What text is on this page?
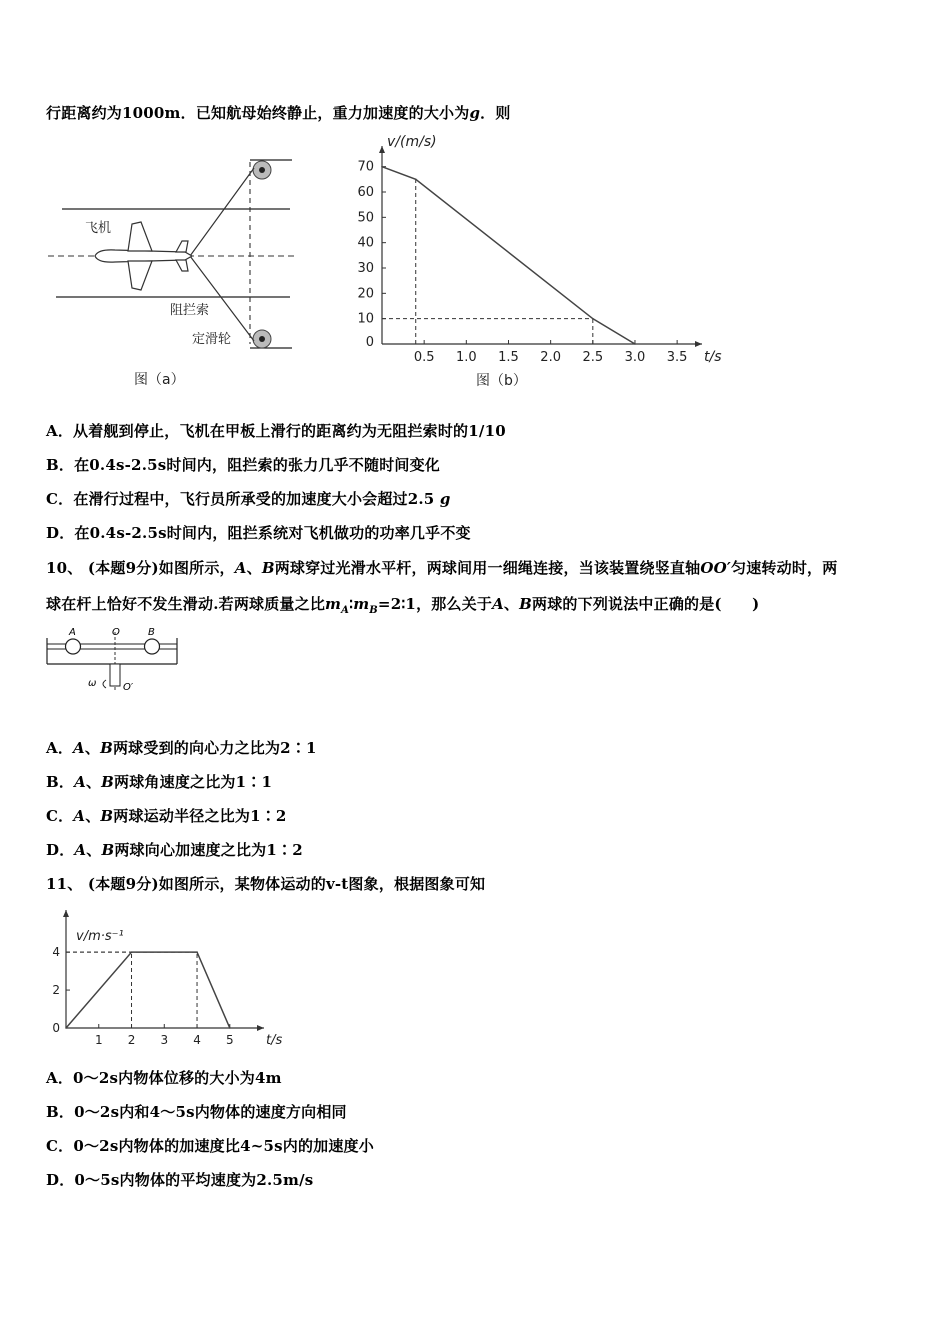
行距离约为1000m．已知航母始终静止，重力加速度的大小为g．则
飞机
阻拦索
定滑轮
图（a）
0.5 1.0 1.5 2.0 2.5 3.0 3.5
0
10
20
30
40
50
60
70
v/(m/s)
t/s
图（b）
A．从着舰到停止，飞机在甲板上滑行的距离约为无阻拦索时的1/10
B．在0.4s-2.5s时间内，阻拦索的张力几乎不随时间变化
C．在滑行过程中，飞行员所承受的加速度大小会超过2.5 g
D．在0.4s-2.5s时间内，阻拦系统对飞机做功的功率几乎不变
10、 (本题9分)如图所示，A、B两球穿过光滑水平杆，两球间用一细绳连接，当该装置绕竖直轴OO′匀速转动时，两
球在杆上恰好不发生滑动.若两球质量之比$m_A∶m_B=2∶1$，那么关于A、B两球的下列说法中正确的是(　　)
A	O	B
ω	O′
A．A、B两球受到的向心力之比为2∶1
B．A、B两球角速度之比为1∶1
C．A、B两球运动半径之比为1∶2
D．A、B两球向心加速度之比为1∶2
11、 (本题9分)如图所示，某物体运动的v-t图象，根据图象可知
1 2 3 4 5
0
2
4
v/m·s⁻¹
t/s
A．0～2s内物体位移的大小为4m
B．0～2s内和4～5s内物体的速度方向相同
C．0～2s内物体的加速度比4~5s内的加速度小
D．0～5s内物体的平均速度为2.5m/s
